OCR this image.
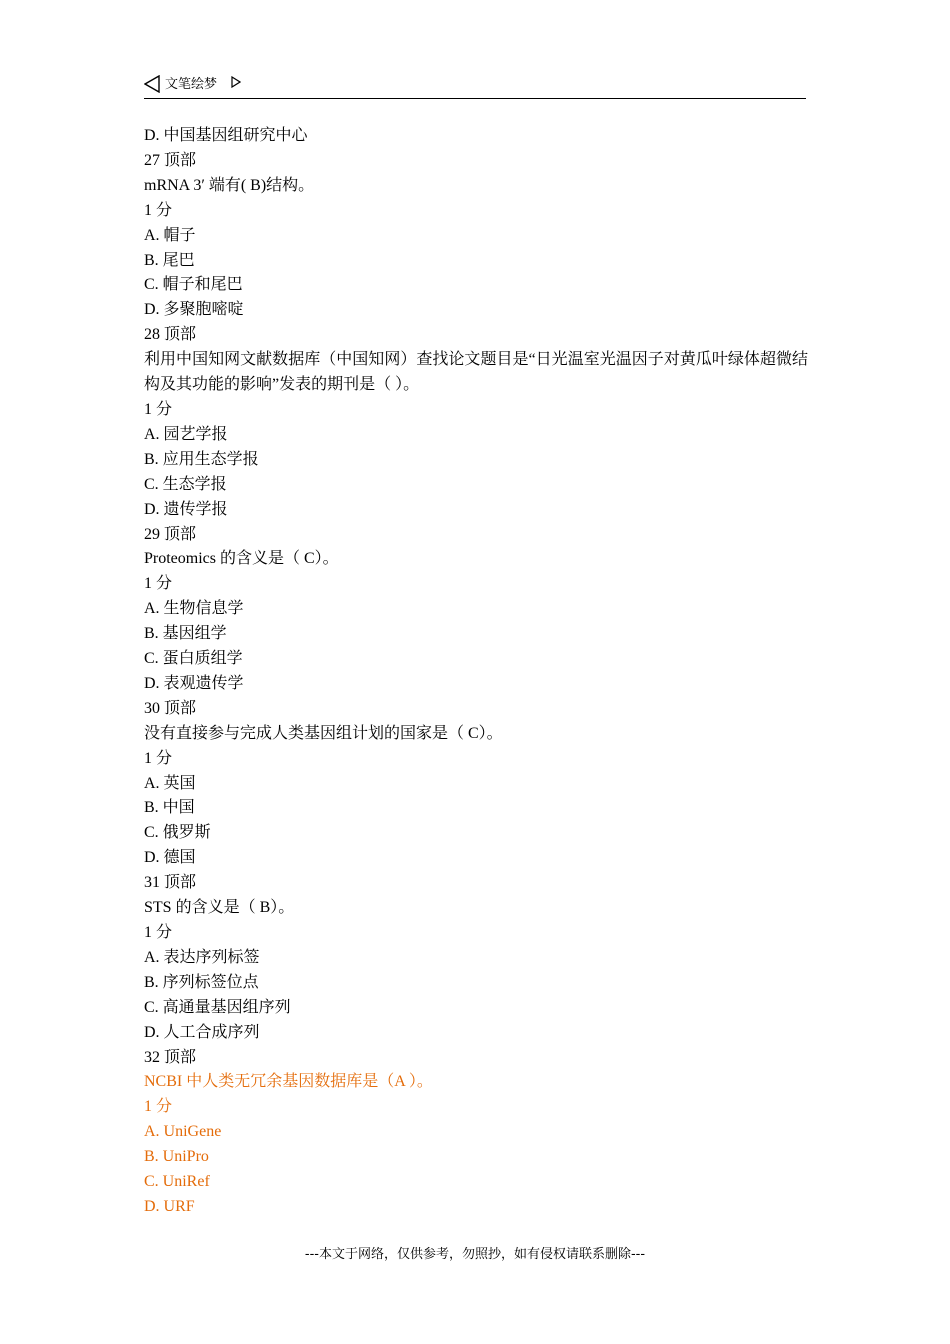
文笔绘梦

D. 中国基因组研究中心

27 顶部

mRNA 3′ 端有( B)结构。

1 分

A. 帽子

B. 尾巴

C. 帽子和尾巴

D. 多聚胞嘧啶

28 顶部

利用中国知网文献数据库（中国知网）查找论文题目是“日光温室光温因子对黄瓜叶绿体超微结构及其功能的影响”发表的期刊是（ ）。

1 分

A. 园艺学报

B. 应用生态学报

C. 生态学报

D. 遗传学报

29 顶部

Proteomics 的含义是（ C）。

1 分

A. 生物信息学

B. 基因组学

C. 蛋白质组学

D. 表观遗传学

30 顶部

没有直接参与完成人类基因组计划的国家是（ C）。

1 分

A. 英国

B. 中国

C. 俄罗斯

D. 德国

31 顶部

STS 的含义是（ B）。

1 分

A. 表达序列标签

B. 序列标签位点

C. 高通量基因组序列

D. 人工合成序列

32 顶部

NCBI 中人类无冗余基因数据库是（A ）。

1 分

A. UniGene

B. UniPro

C. UniRef

D. URF

---本文于网络，仅供参考，勿照抄，如有侵权请联系删除---
